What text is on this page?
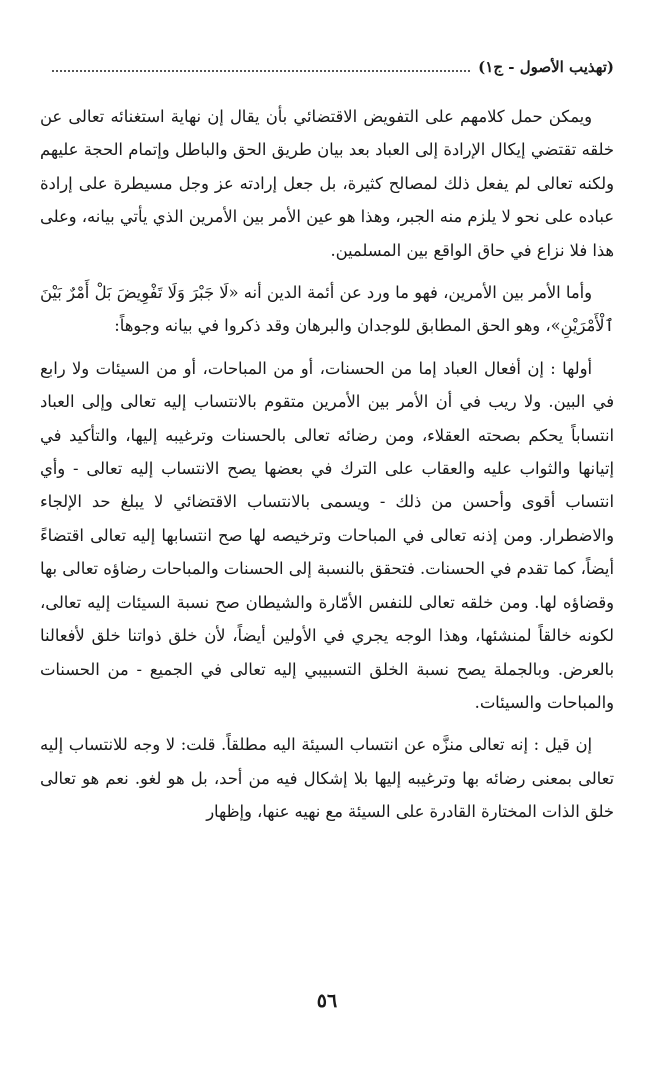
(تهذيب الأصول - ج١)

ويمكن حمل كلامهم على التفويض الاقتضائي بأن يقال إن نهاية استغنائه تعالى عن خلقه تقتضي إيكال الإرادة إلى العباد بعد بيان طريق الحق والباطل وإتمام الحجة عليهم ولكنه تعالى لم يفعل ذلك لمصالح كثيرة، بل جعل إرادته عز وجل مسيطرة على إرادة عباده على نحو لا يلزم منه الجبر، وهذا هو عين الأمر بين الأمرين الذي يأتي بيانه، وعلى هذا فلا نزاع في حاق الواقع بين المسلمين.

وأما الأمر بين الأمرين، فهو ما ورد عن أئمة الدين أنه «لَا جَبْرَ وَلَا تَفْوِيضَ بَلْ أَمْرٌ بَيْنَ ٱلْأَمْرَيْنِ»، وهو الحق المطابق للوجدان والبرهان وقد ذكروا في بيانه وجوهاً:

أولها : إن أفعال العباد إما من الحسنات، أو من المباحات، أو من السيئات ولا رابع في البين. ولا ريب في أن الأمر بين الأمرين متقوم بالانتساب إليه تعالى وإلى العباد انتساباً يحكم بصحته العقلاء، ومن رضائه تعالى بالحسنات وترغيبه إليها، والتأكيد في إتيانها والثواب عليه والعقاب على الترك في بعضها يصح الانتساب إليه تعالى - وأي انتساب أقوى وأحسن من ذلك - ويسمى بالانتساب الاقتضائي لا يبلغ حد الإلجاء والاضطرار. ومن إذنه تعالى في المباحات وترخيصه لها صح انتسابها إليه تعالى اقتضاءً أيضاً، كما تقدم في الحسنات. فتحقق بالنسبة إلى الحسنات والمباحات رضاؤه تعالى بها وقضاؤه لها. ومن خلقه تعالى للنفس الأمّارة والشيطان صح نسبة السيئات إليه تعالى، لكونه خالقاً لمنشئها، وهذا الوجه يجري في الأولين أيضاً، لأن خلق ذواتنا خلق لأفعالنا بالعرض. وبالجملة يصح نسبة الخلق التسبيبي إليه تعالى في الجميع - من الحسنات والمباحات والسيئات.

إن قيل : إنه تعالى منزَّه عن انتساب السيئة اليه مطلقاً. قلت: لا وجه للانتساب إليه تعالى بمعنى رضائه بها وترغيبه إليها بلا إشكال فيه من أحد، بل هو لغو. نعم هو تعالى خلق الذات المختارة القادرة على السيئة مع نهيه عنها، وإظهار

٥٦
